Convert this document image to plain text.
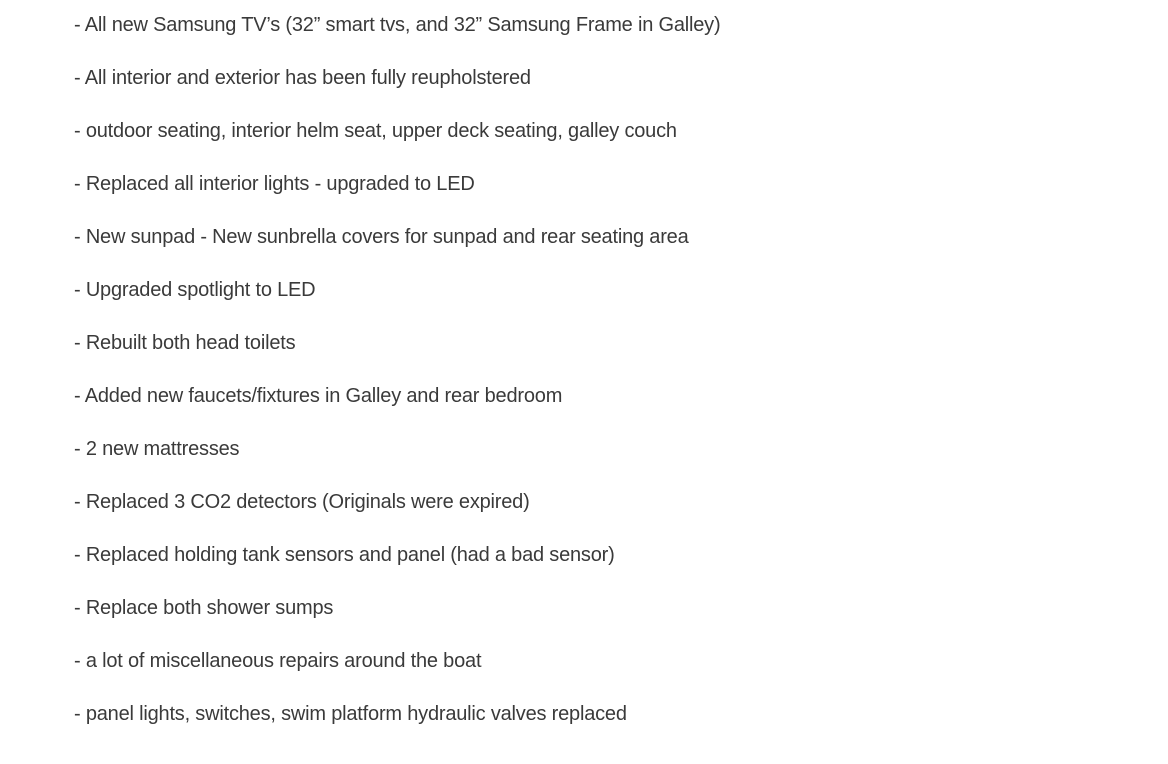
- All new Samsung TV’s (32” smart tvs, and 32” Samsung Frame in Galley)
- All interior and exterior has been fully reupholstered
- outdoor seating, interior helm seat, upper deck seating, galley couch
- Replaced all interior lights - upgraded to LED
- New sunpad - New sunbrella covers for sunpad and rear seating area
- Upgraded spotlight to LED
- Rebuilt both head toilets
- Added new faucets/fixtures in Galley and rear bedroom
- 2 new mattresses
- Replaced 3 CO2 detectors (Originals were expired)
- Replaced holding tank sensors and panel (had a bad sensor)
- Replace both shower sumps
- a lot of miscellaneous repairs around the boat
- panel lights, switches, swim platform hydraulic valves replaced
